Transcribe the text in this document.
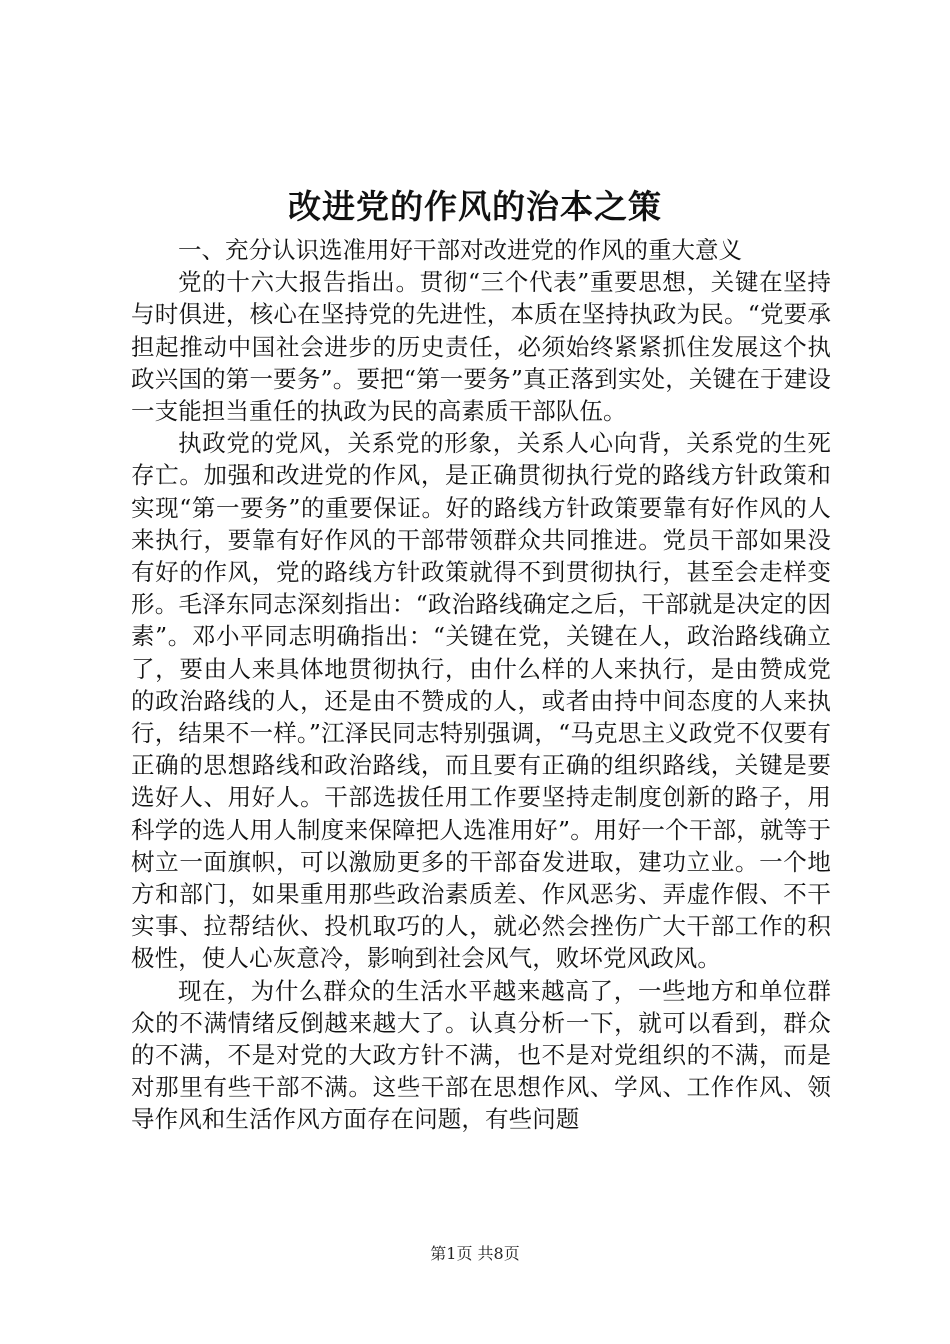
改进党的作风的治本之策
一、充分认识选准用好干部对改进党的作风的重大意义

党的十六大报告指出。贯彻“三个代表”重要思想，关键在坚持与时俱进，核心在坚持党的先进性，本质在坚持执政为民。“党要承担起推动中国社会进步的历史责任，必须始终紧紧抓住发展这个执政兴国的第一要务”。要把“第一要务”真正落到实处，关键在于建设一支能担当重任的执政为民的高素质干部队伍。

执政党的党风，关系党的形象，关系人心向背，关系党的生死存亡。加强和改进党的作风，是正确贯彻执行党的路线方针政策和实现“第一要务”的重要保证。好的路线方针政策要靠有好作风的人来执行，要靠有好作风的干部带领群众共同推进。党员干部如果没有好的作风，党的路线方针政策就得不到贯彻执行，甚至会走样变形。毛泽东同志深刻指出：“政治路线确定之后，干部就是决定的因素”。邓小平同志明确指出：“关键在党，关键在人，政治路线确立了，要由人来具体地贯彻执行，由什么样的人来执行，是由赞成党的政治路线的人，还是由不赞成的人，或者由持中间态度的人来执行，结果不一样。”江泽民同志特别强调，“马克思主义政党不仅要有正确的思想路线和政治路线，而且要有正确的组织路线，关键是要选好人、用好人。干部选拔任用工作要坚持走制度创新的路子，用科学的选人用人制度来保障把人选准用好”。用好一个干部，就等于树立一面旗帜，可以激励更多的干部奋发进取，建功立业。一个地方和部门，如果重用那些政治素质差、作风恶劣、弄虚作假、不干实事、拉帮结伙、投机取巧的人，就必然会挫伤广大干部工作的积极性，使人心灰意冷，影响到社会风气，败坏党风政风。

现在，为什么群众的生活水平越来越高了，一些地方和单位群众的不满情绪反倒越来越大了。认真分析一下，就可以看到，群众的不满，不是对党的大政方针不满，也不是对党组织的不满，而是对那里有些干部不满。这些干部在思想作风、学风、工作作风、领导作风和生活作风方面存在问题，有些问题

第1页 共8页
